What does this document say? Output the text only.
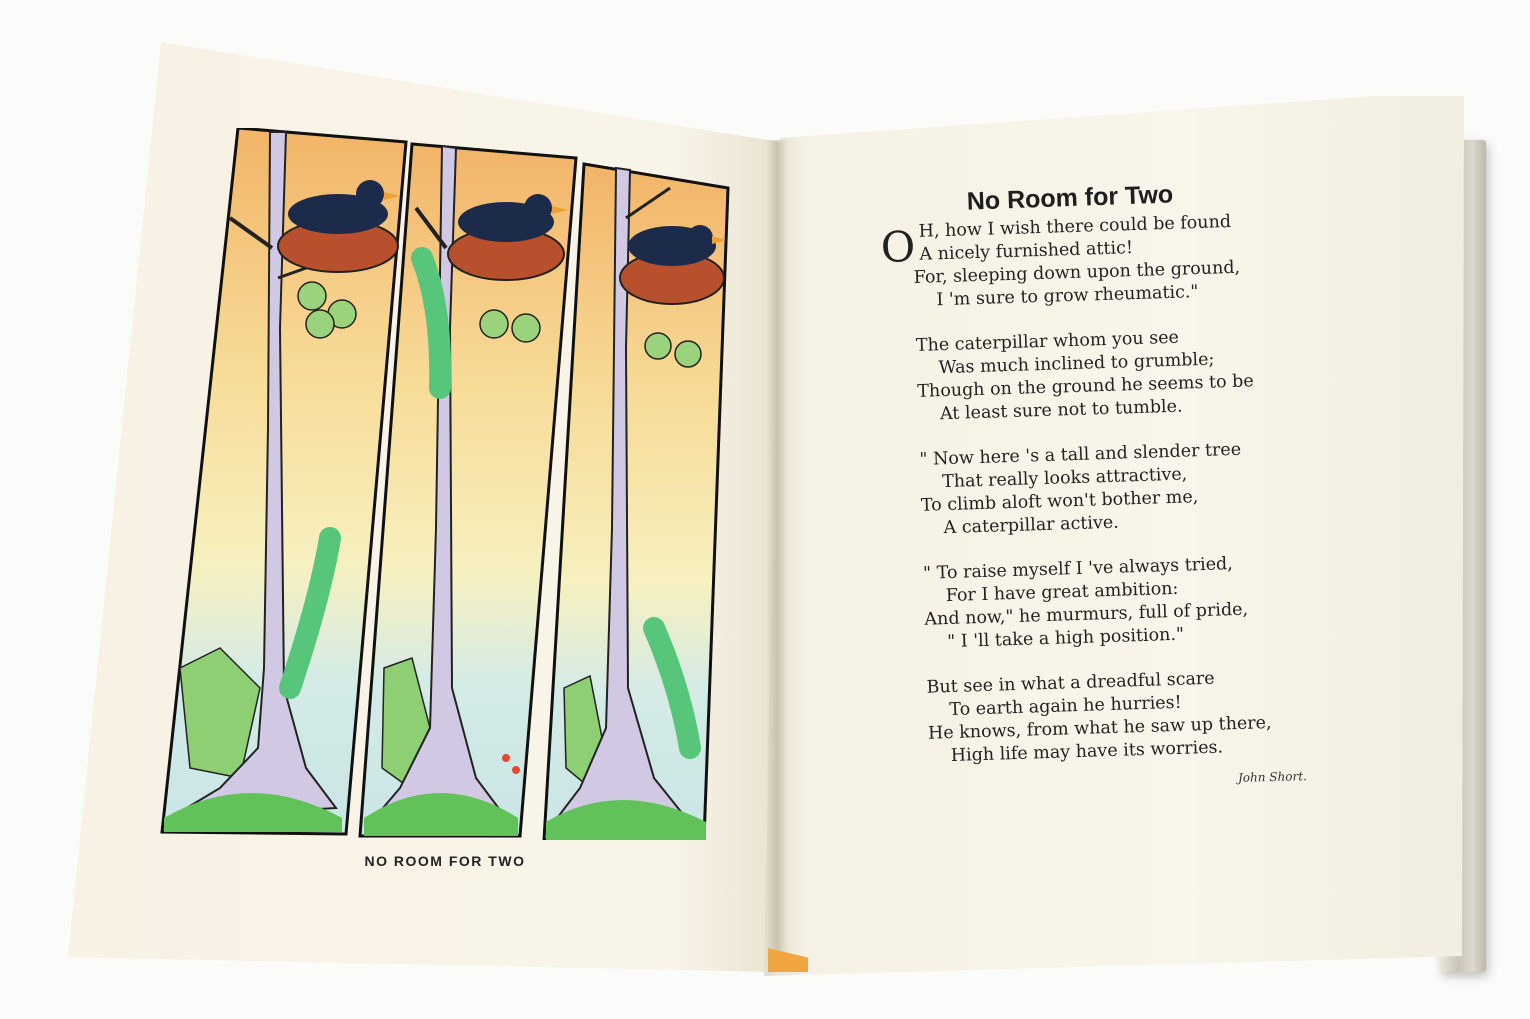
NO ROOM FOR TWO
No Room for Two
O H, how I wish there could be found
A nicely furnished attic!
For, sleeping down upon the ground,
I 'm sure to grow rheumatic."
The caterpillar whom you see
Was much inclined to grumble;
Though on the ground he seems to be
At least sure not to tumble.
" Now here 's a tall and slender tree
That really looks attractive,
To climb aloft won't bother me,
A caterpillar active.
" To raise myself I 've always tried,
For I have great ambition:
And now," he murmurs, full of pride,
" I 'll take a high position."
But see in what a dreadful scare
To earth again he hurries!
He knows, from what he saw up there,
High life may have its worries.
John Short.
